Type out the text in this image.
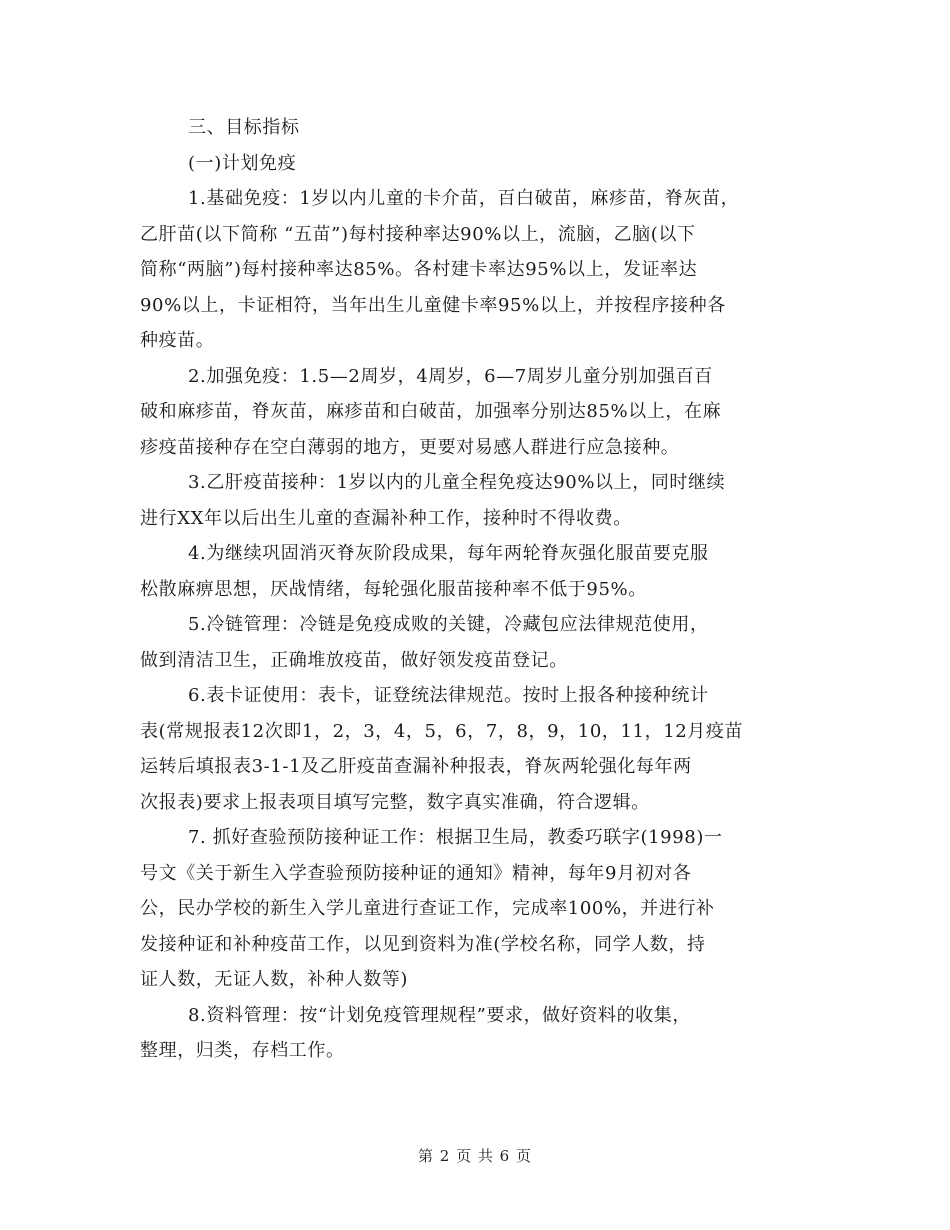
三、目标指标
(一)计划免疫
1.基础免疫：1岁以内儿童的卡介苗，百白破苗，麻疹苗，脊灰苗，
乙肝苗(以下简称 “五苗”)每村接种率达90%以上，流脑，乙脑(以下
简称“两脑”)每村接种率达85%。各村建卡率达95%以上，发证率达
90%以上，卡证相符，当年出生儿童健卡率95%以上，并按程序接种各
种疫苗。
2.加强免疫：1.5—2周岁，4周岁，6—7周岁儿童分别加强百百
破和麻疹苗，脊灰苗，麻疹苗和白破苗，加强率分别达85%以上，在麻
疹疫苗接种存在空白薄弱的地方，更要对易感人群进行应急接种。
3.乙肝疫苗接种：1岁以内的儿童全程免疫达90%以上，同时继续
进行XX年以后出生儿童的查漏补种工作，接种时不得收费。
4.为继续巩固消灭脊灰阶段成果，每年两轮脊灰强化服苗要克服
松散麻痹思想，厌战情绪，每轮强化服苗接种率不低于95%。
5.冷链管理：冷链是免疫成败的关键，冷藏包应法律规范使用，
做到清洁卫生，正确堆放疫苗，做好领发疫苗登记。
6.表卡证使用：表卡，证登统法律规范。按时上报各种接种统计
表(常规报表12次即1，2，3，4，5，6，7，8，9，10，11，12月疫苗
运转后填报表3-1-1及乙肝疫苗查漏补种报表，脊灰两轮强化每年两
次报表)要求上报表项目填写完整，数字真实准确，符合逻辑。
7. 抓好查验预防接种证工作：根据卫生局，教委巧联字(1998)一
号文《关于新生入学查验预防接种证的通知》精神，每年9月初对各
公，民办学校的新生入学儿童进行查证工作，完成率100%，并进行补
发接种证和补种疫苗工作，以见到资料为准(学校名称，同学人数，持
证人数，无证人数，补种人数等)
8.资料管理：按“计划免疫管理规程”要求，做好资料的收集，
整理，归类，存档工作。
第 2 页 共 6 页
